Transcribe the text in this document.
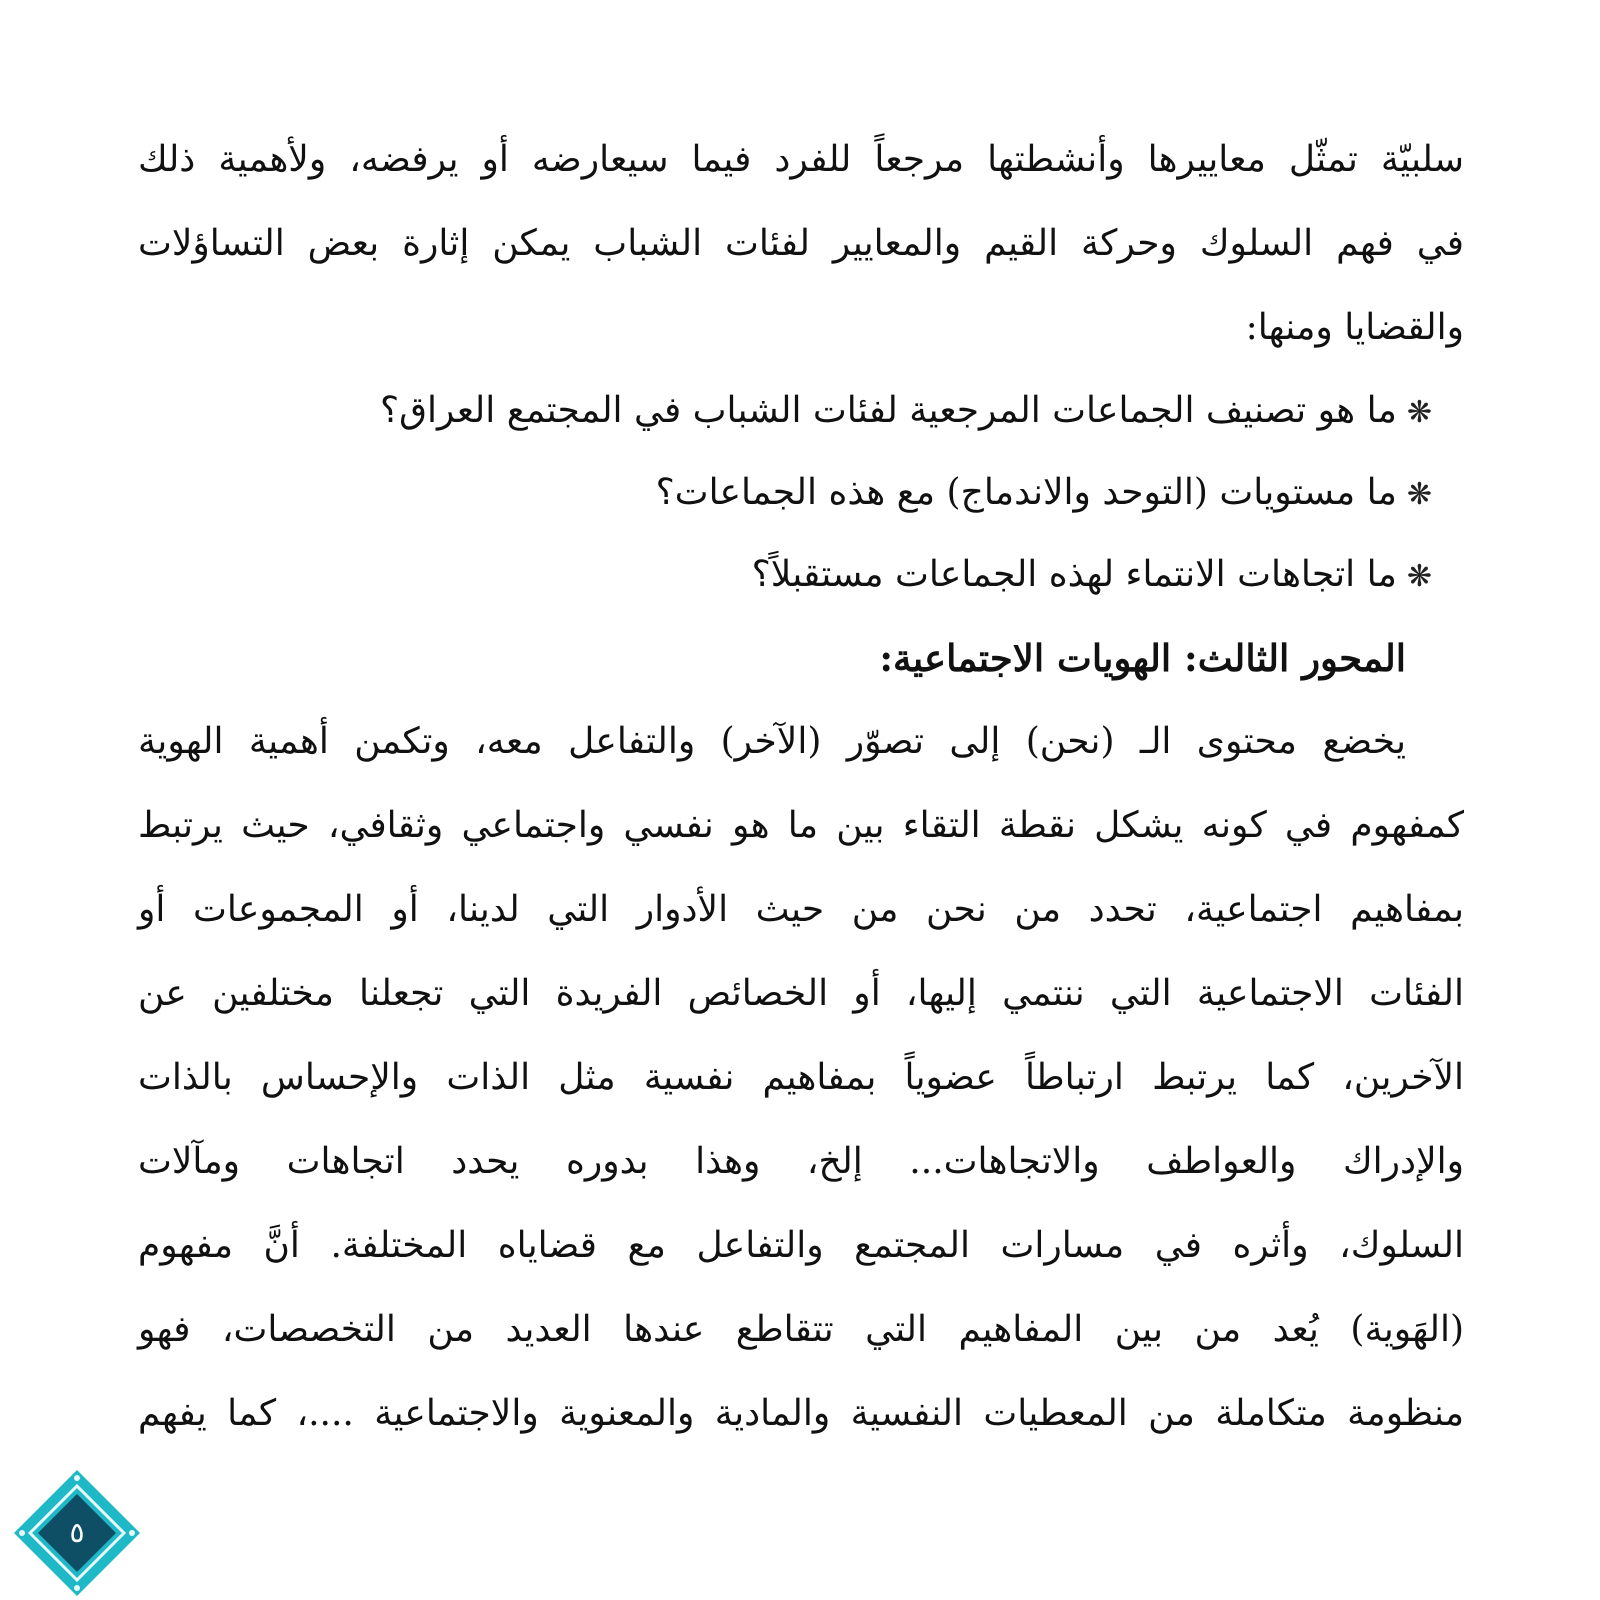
سلبيّة تمثّل معاييرها وأنشطتها مرجعاً للفرد فيما سيعارضه أو يرفضه، ولأهمية ذلك
في فهم السلوك وحركة القيم والمعايير لفئات الشباب يمكن إثارة بعض التساؤلات
والقضايا ومنها:
❋ما هو تصنيف الجماعات المرجعية لفئات الشباب في المجتمع العراق؟
❋ما مستويات (التوحد والاندماج) مع هذه الجماعات؟
❋ما اتجاهات الانتماء لهذه الجماعات مستقبلاً؟
المحور الثالث: الهويات الاجتماعية:
يخضع محتوى الـ (نحن) إلى تصوّر (الآخر) والتفاعل معه، وتكمن أهمية الهوية
كمفهوم في كونه يشكل نقطة التقاء بين ما هو نفسي واجتماعي وثقافي، حيث يرتبط
بمفاهيم اجتماعية، تحدد من نحن من حيث الأدوار التي لدينا، أو المجموعات أو
الفئات الاجتماعية التي ننتمي إليها، أو الخصائص الفريدة التي تجعلنا مختلفين عن
الآخرين، كما يرتبط ارتباطاً عضوياً بمفاهيم نفسية مثل الذات والإحساس بالذات
والإدراك والعواطف والاتجاهات... إلخ، وهذا بدوره يحدد اتجاهات ومآلات
السلوك، وأثره في مسارات المجتمع والتفاعل مع قضاياه المختلفة. أنَّ مفهوم
(الهَوية) يُعد من بين المفاهيم التي تتقاطع عندها العديد من التخصصات، فهو
منظومة متكاملة من المعطيات النفسية والمادية والمعنوية والاجتماعية ....، كما يفهم
٥
